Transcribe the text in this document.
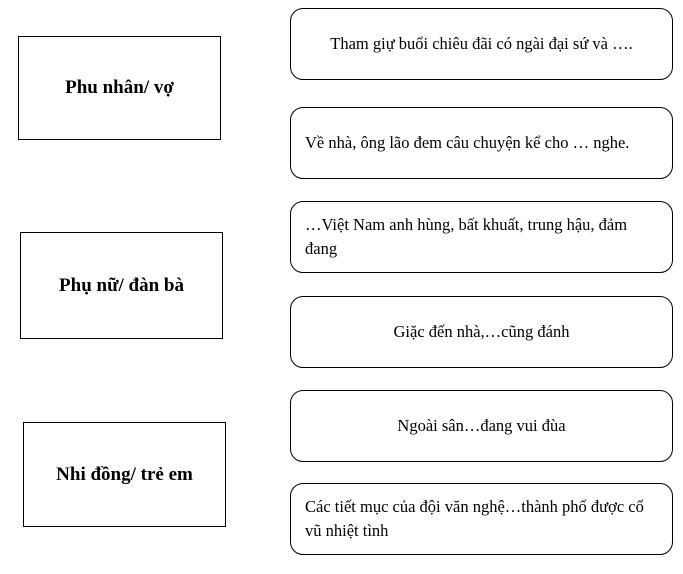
Phu nhân/ vợ
Phụ nữ/ đàn bà
Nhi đồng/ trẻ em
Tham giự buổi chiêu đãi có ngài đại sứ và ….
Về nhà, ông lão đem câu chuyện kể cho … nghe.
…Việt Nam anh hùng, bất khuất, trung hậu, đảm đang
Giặc đến nhà,…cũng đánh
Ngoài sân…đang vui đùa
Các tiết mục của đội văn nghệ…thành phố được cổ vũ nhiệt tình
